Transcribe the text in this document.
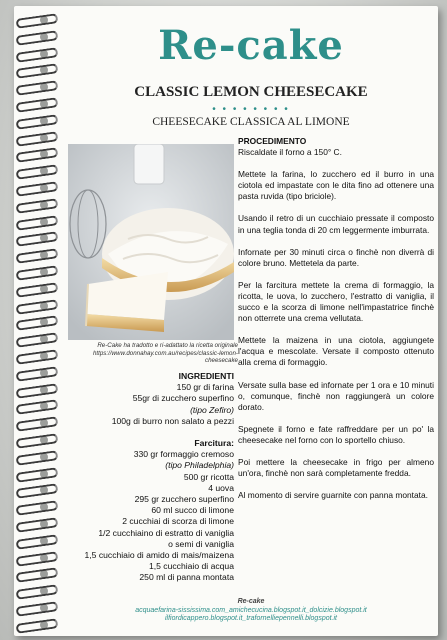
Re-cake
CLASSIC LEMON CHEESECAKE
• • • • • • • •
CHEESECAKE CLASSICA AL LIMONE
Re-Cake ha tradotto e ri-adattato la ricetta originale
https://www.donnahay.com.au/recipes/classic-lemon-cheesecake
INGREDIENTI
150 gr di farina
55gr di zucchero superfino
(tipo Zefiro)
100g di burro non salato a pezzi
Farcitura:
330 gr formaggio cremoso
(tipo Philadelphia)
500 gr ricotta
4 uova
295 gr zucchero superfino
60 ml succo di limone
2 cucchiai di scorza di limone
1/2 cucchiaino di estratto di vaniglia
o semi di vaniglia
1,5 cucchiaio di amido di mais/maizena
1,5 cucchiaio di acqua
250 ml di panna montata
PROCEDIMENTO

Riscaldate il forno a 150° C.

Mettete la farina, lo zucchero ed il burro in una ciotola ed impastate con le dita fino ad ottenere una pasta ruvida (tipo briciole).

Usando il retro di un cucchiaio pressate il composto in una teglia tonda di 20 cm leggermente imburrata.

Infornate per 30 minuti circa o finchè non diverrà di colore bruno. Mettetela da parte.

Per la farcitura mettete la crema di formaggio, la ricotta, le uova, lo zucchero, l'estratto di vaniglia, il succo e la scorza di limone nell'impastatrice finchè non otterrete una crema vellutata.

Mettete la maizena in una ciotola, aggiungete l'acqua e mescolate. Versate il composto ottenuto alla crema di formaggio.

Versate sulla base ed infornate per 1 ora e 10 minuti o, comunque, finchè non raggiungerà un colore dorato.

Spegnete il forno e fate raffreddare per un po' la cheesecake nel forno con lo sportello chiuso.

Poi mettere la cheesecake in frigo per almeno un'ora, finchè non sarà completamente fredda.

Al momento di servire guarnite con panna montata.

Re-cake
acquaefarina-sississima.com_amichecucina.blogspot.it_dolcizie.blogspot.it
ilfiordicappero.blogspot.it_trafornelliepennelli.blogspot.it
